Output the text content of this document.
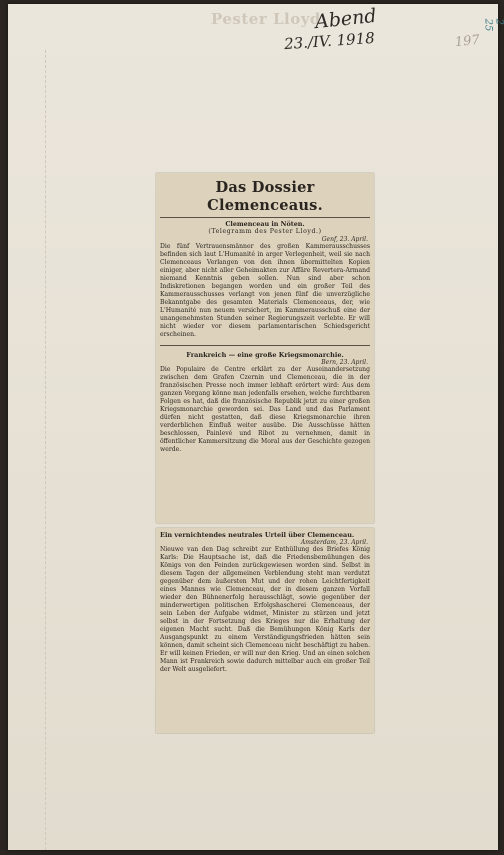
Pester Lloyd
Abend
23./IV. 1918	197
2 25
Das Dossier Clemenceaus.
Clemenceau in Nöten.
(Telegramm des Pester Lloyd.)
Genf, 23. April.

Die fünf Vertrauensmänner des großen Kammerausschusses befinden sich laut L'Humanité in arger Verlegenheit, weil sie nach Clemenceaus Verlangen von den ihnen übermittelten Kopien einiger, aber nicht aller Geheimakten zur Affäre Revertera-Armand niemand Kenntnis geben sollen. Nun sind aber schon Indiskretionen begangen worden und ein großer Teil des Kammerausschusses verlangt von jenen fünf die unverzügliche Bekanntgabe des gesamten Materials Clemenceaus, der, wie L'Humanité nun neuem versichert, im Kammerausschuß eine der unangenehmsten Stunden seiner Regierungszeit verlebte. Er will nicht wieder vor diesem parlamentarischen Schiedsgericht erscheinen.

Frankreich — eine große Kriegsmonarchie.
Bern, 23. April.

Die Populaire de Centre erklärt zu der Auseinandersetzung zwischen dem Grafen Czernin und Clemenceau, die in der französischen Presse noch immer lebhaft erörtert wird: Aus dem ganzen Vorgang könne man jedenfalls ersehen, welche furchtbaren Folgen es hat, daß die französische Republik jetzt zu einer großen Kriegsmonarchie geworden sei. Das Land und das Parlament dürfen nicht gestatten, daß diese Kriegsmonarchie ihren verderblichen Einfluß weiter ausübe. Die Ausschüsse hätten beschlossen, Painlevé und Ribot zu vernehmen, damit in öffentlicher Kammersitzung die Moral aus der Geschichte gezogen werde.

Ein vernichtendes neutrales Urteil über Clemenceau.
Amsterdam, 23. April.

Nieuwe van den Dag schreibt zur Enthüllung des Briefes König Karls: Die Hauptsache ist, daß die Friedensbemühungen des Königs von den Feinden zurückgewiesen worden sind. Selbst in diesem Tagen der allgemeinen Verblendung steht man verdutzt gegenüber dem äußersten Mut und der rohen Leichtfertigkeit eines Mannes wie Clemenceau, der in diesem ganzen Vorfall wieder den Bühnenerfolg herausschlägt, sowie gegenüber der minderwertigen politischen Erfolgshascherei Clemenceaus, der sein Leben der Aufgabe widmet, Minister zu stürzen und jetzt selbst in der Fortsetzung des Krieges nur die Erhaltung der eigenen Macht sucht. Daß die Bemühungen König Karls der Ausgangspunkt zu einem Verständigungsfrieden hätten sein können, damit scheint sich Clemenceau nicht beschäftigt zu haben. Er will keinen Frieden, er will nur den Krieg. Und an einen solchen Mann ist Frankreich sowie dadurch mittelbar auch ein großer Teil der Welt ausgeliefert.
